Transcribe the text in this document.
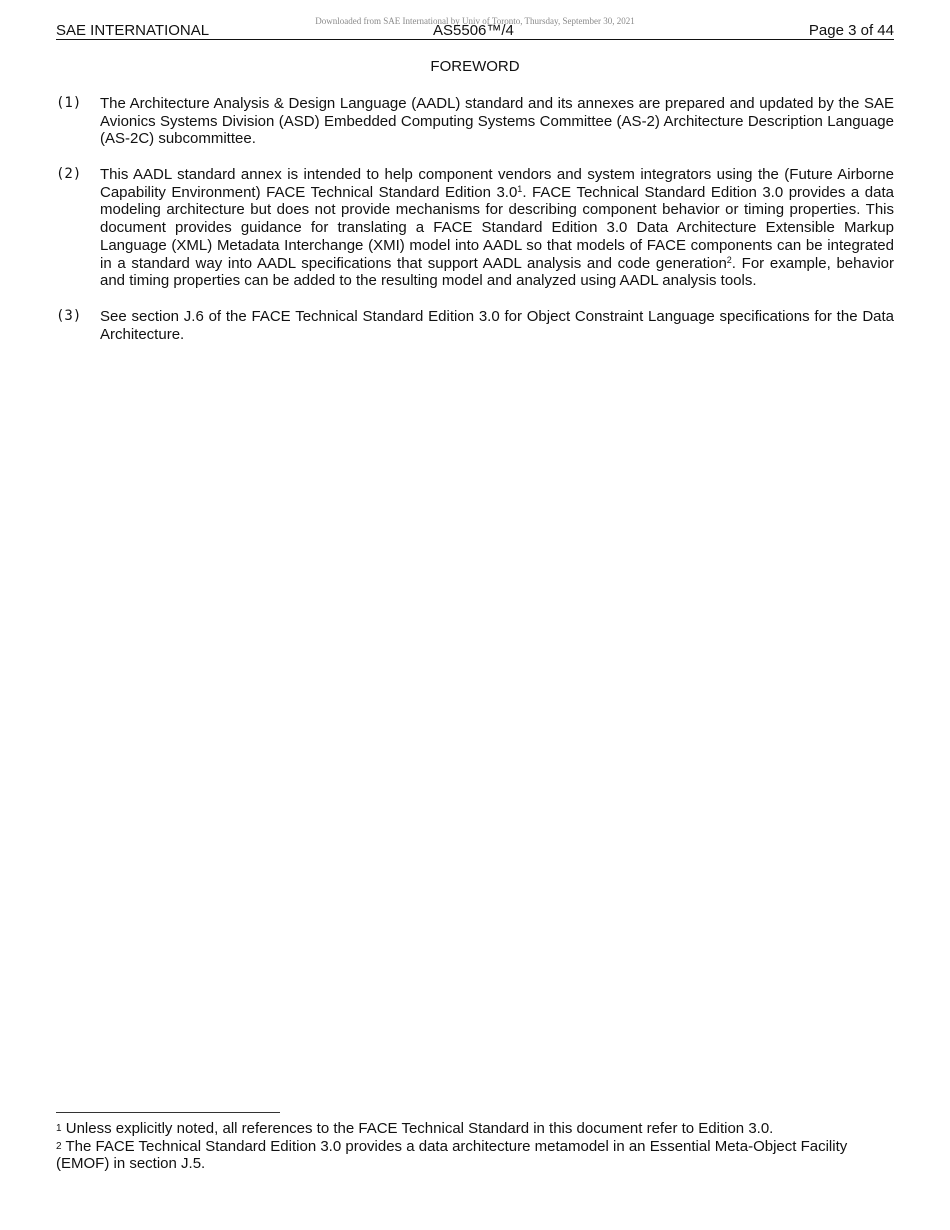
Downloaded from SAE International by Univ of Toronto, Thursday, September 30, 2021
SAE INTERNATIONAL	AS5506™/4	Page 3 of 44
FOREWORD
(1) The Architecture Analysis & Design Language (AADL) standard and its annexes are prepared and updated by the SAE Avionics Systems Division (ASD) Embedded Computing Systems Committee (AS-2) Architecture Description Language (AS-2C) subcommittee.
(2) This AADL standard annex is intended to help component vendors and system integrators using the (Future Airborne Capability Environment) FACE Technical Standard Edition $3.0^1$. FACE Technical Standard Edition 3.0 provides a data modeling architecture but does not provide mechanisms for describing component behavior or timing properties. This document provides guidance for translating a FACE Standard Edition 3.0 Data Architecture Extensible Markup Language (XML) Metadata Interchange (XMI) model into AADL so that models of FACE components can be integrated in a standard way into AADL specifications that support AADL analysis and code generation$^2$. For example, behavior and timing properties can be added to the resulting model and analyzed using AADL analysis tools.
(3) See section J.6 of the FACE Technical Standard Edition 3.0 for Object Constraint Language specifications for the Data Architecture.
1 Unless explicitly noted, all references to the FACE Technical Standard in this document refer to Edition 3.0.
2 The FACE Technical Standard Edition 3.0 provides a data architecture metamodel in an Essential Meta-Object Facility (EMOF) in section J.5.
